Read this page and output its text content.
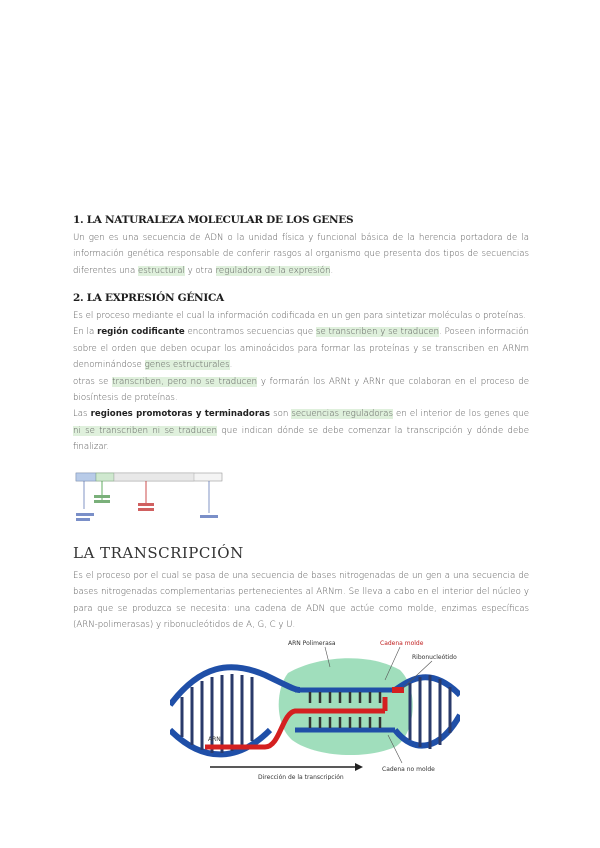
1. LA NATURALEZA MOLECULAR DE LOS GENES
Un gen es una secuencia de ADN o la unidad física y funcional básica de la herencia portadora de la información genética responsable de conferir rasgos al organismo que presenta dos tipos de secuencias diferentes una estructural y otra reguladora de la expresión.
2. LA EXPRESIÓN GÉNICA
Es el proceso mediante el cual la información codificada en un gen para sintetizar moléculas o proteínas.
En la región codificante encontramos secuencias que se transcriben y se traducen. Poseen información sobre el orden que deben ocupar los aminoácidos para formar las proteínas y se transcriben en ARNm denominándose genes estructurales.
otras se transcriben, pero no se traducen y formarán los ARNt y ARNr que colaboran en el proceso de biosíntesis de proteínas.
Las regiones promotoras y terminadoras son secuencias reguladoras en el interior de los genes que ni se transcriben ni se traducen que indican dónde se debe comenzar la transcripción y dónde debe finalizar.
LA TRANSCRIPCIÓN
Es el proceso por el cual se pasa de una secuencia de bases nitrogenadas de un gen a una secuencia de bases nitrogenadas complementarias pertenecientes al ARNm. Se lleva a cabo en el interior del núcleo y para que se produzca se necesita: una cadena de ADN que actúe como molde, enzimas específicas (ARN-polimerasas) y ribonucleótidos de A, G, C y U.
ARN Polimerasa	Cadena molde
Ribonucleótido
ARN
Cadena no molde
Dirección de la transcripción
